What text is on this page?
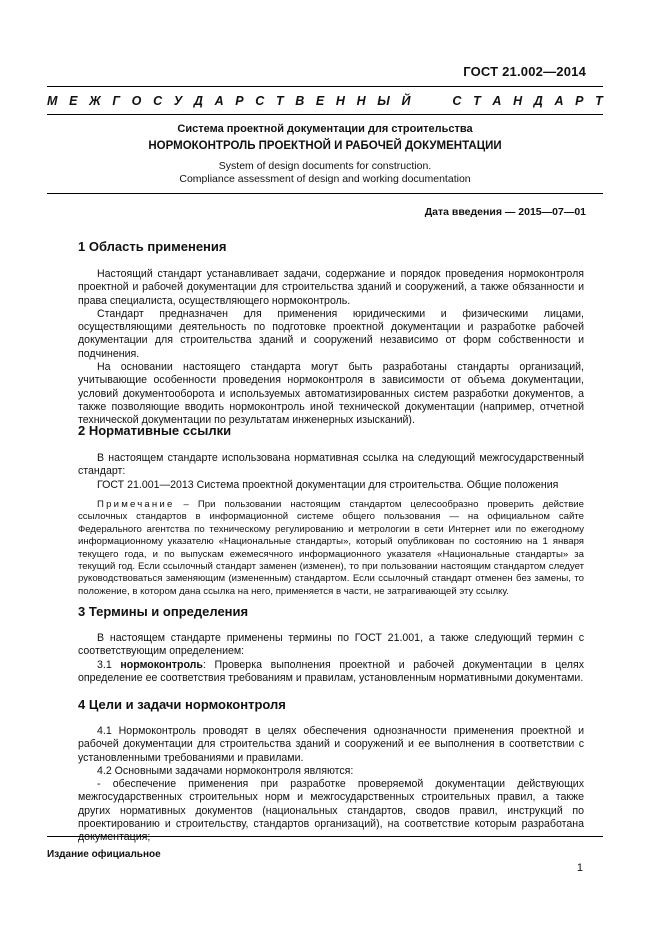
ГОСТ 21.002—2014
М Е Ж Г О С У Д А Р С Т В Е Н Н Ы Й

	С Т А Н Д А Р Т
Система проектной документации для строительства
НОРМОКОНТРОЛЬ ПРОЕКТНОЙ И РАБОЧЕЙ ДОКУМЕНТАЦИИ
System of design documents for construction.
Compliance assessment of design and working documentation
Дата введения — 2015—07—01
1 Область применения

Настоящий стандарт устанавливает задачи, содержание и порядок проведения нормоконтроля проектной и рабочей документации для строительства зданий и сооружений, а также обязанности и права специалиста, осуществляющего нормоконтроль.
Стандарт предназначен для применения юридическими и физическими лицами, осуществляющими деятельность по подготовке проектной документации и разработке рабочей документации для строительства зданий и сооружений независимо от форм собственности и подчинения.
На основании настоящего стандарта могут быть разработаны стандарты организаций, учитывающие особенности проведения нормоконтроля в зависимости от объема документации, условий документооборота и используемых автоматизированных систем разработки документов, а также позволяющие вводить нормоконтроль иной технической документации (например, отчетной технической документации по результатам инженерных изысканий).

2 Нормативные ссылки

В настоящем стандарте использована нормативная ссылка на следующий межгосударственный стандарт:

ГОСТ 21.001—2013 Система проектной документации для строительства. Общие положения

Примечание – При пользовании настоящим стандартом целесообразно проверить действие ссылочных стандартов в информационной системе общего пользования — на официальном сайте Федерального агентства по техническому регулированию и метрологии в сети Интернет или по ежегодному информационному указателю «Национальные стандарты», который опубликован по состоянию на 1 января текущего года, и по выпускам ежемесячного информационного указателя «Национальные стандарты» за текущий год. Если ссылочный стандарт заменен (изменен), то при пользовании настоящим стандартом следует руководствоваться заменяющим (измененным) стандартом. Если ссылочный стандарт отменен без замены, то положение, в котором дана ссылка на него, применяется в части, не затрагивающей эту ссылку.

3 Термины и определения

В настоящем стандарте применены термины по ГОСТ 21.001, а также следующий термин с соответствующим определением:
3.1 нормоконтроль: Проверка выполнения проектной и рабочей документации в целях определение ее соответствия требованиям и правилам, установленным нормативными документами.

4 Цели и задачи нормоконтроля

4.1 Нормоконтроль проводят в целях обеспечения однозначности применения проектной и рабочей документации для строительства зданий и сооружений и ее выполнения в соответствии с установленными требованиями и правилами.
4.2 Основными задачами нормоконтроля являются:
- обеспечение применения при разработке проверяемой документации действующих межгосударственных строительных норм и межгосударственных строительных правил, а также других нормативных документов (национальных стандартов, сводов правил, инструкций по проектированию и строительству, стандартов организаций), на соответствие которым разработана документация;

Издание официальное
1
